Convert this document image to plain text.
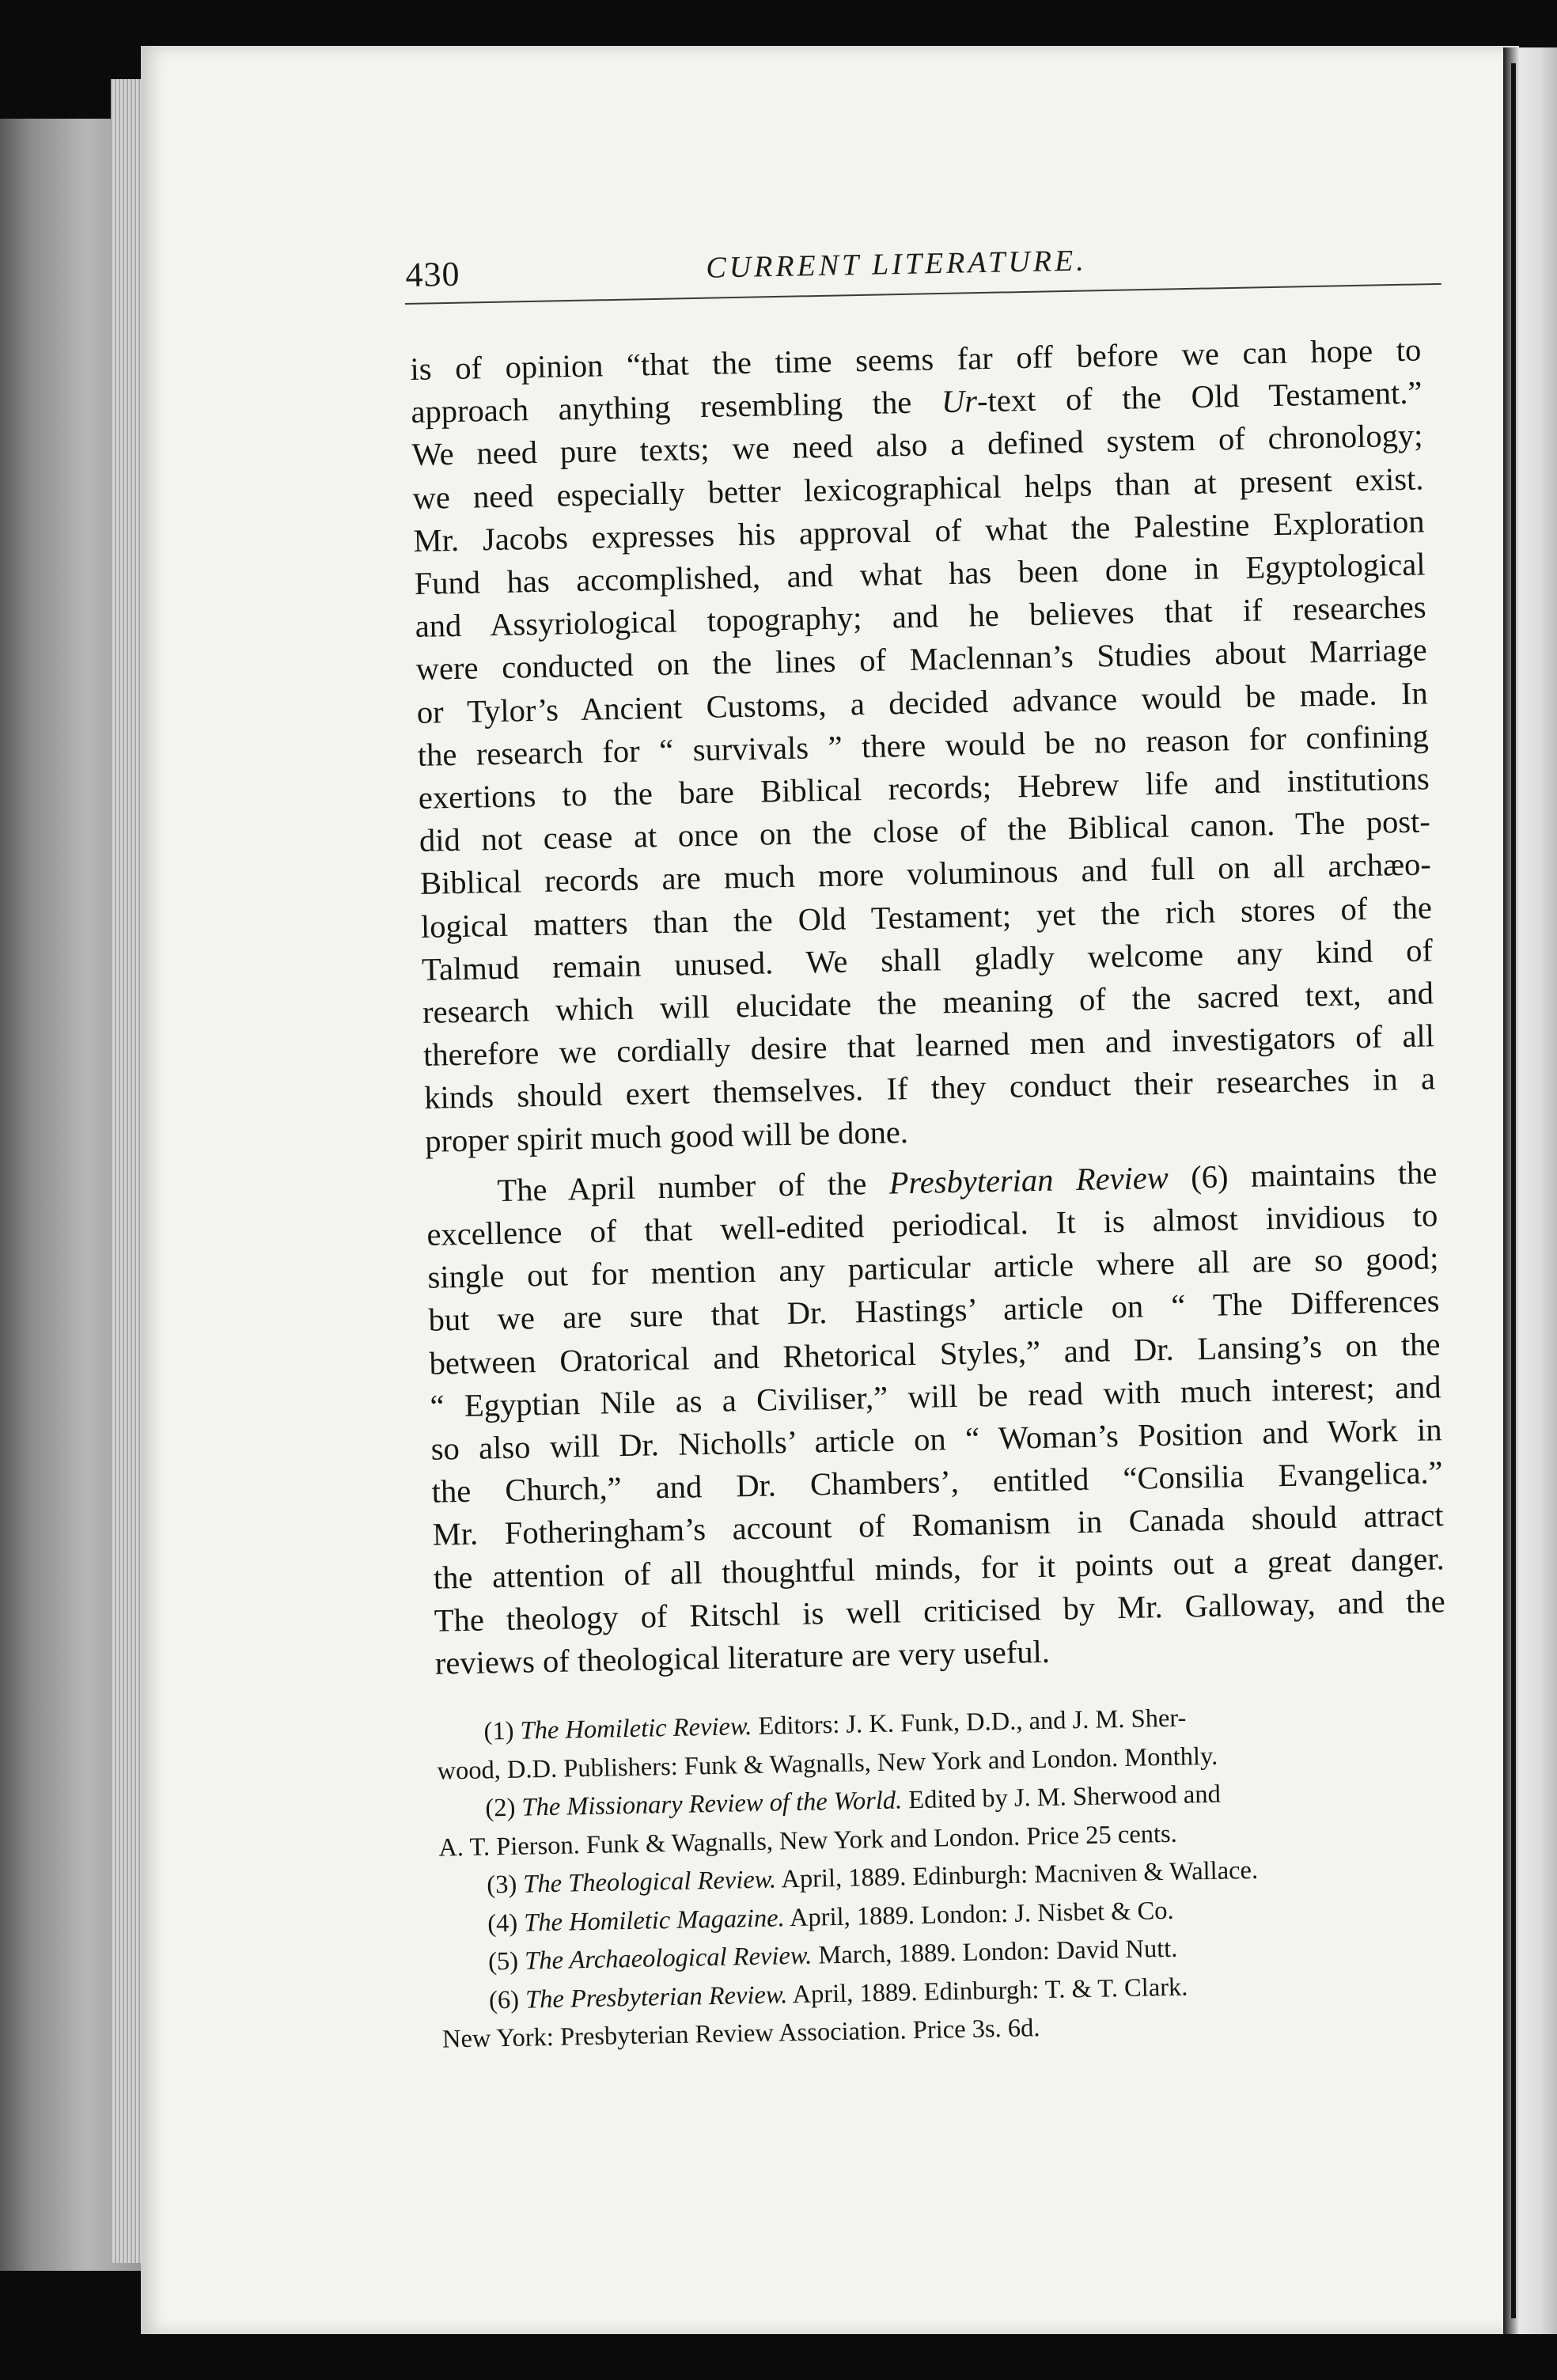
430	CURRENT LITERATURE.

is of opinion “that the time seems far off before we can hope to
approach anything resembling the Ur-text of the Old Testament.”
We need pure texts; we need also a defined system of chronology;
we need especially better lexicographical helps than at present exist.
Mr. Jacobs expresses his approval of what the Palestine Exploration
Fund has accomplished, and what has been done in Egyptological
and Assyriological topography; and he believes that if researches
were conducted on the lines of Maclennan’s Studies about Marriage
or Tylor’s Ancient Customs, a decided advance would be made. In
the research for “ survivals ” there would be no reason for confining
exertions to the bare Biblical records; Hebrew life and institutions
did not cease at once on the close of the Biblical canon. The post-
Biblical records are much more voluminous and full on all archæo-
logical matters than the Old Testament; yet the rich stores of the
Talmud remain unused. We shall gladly welcome any kind of
research which will elucidate the meaning of the sacred text, and
therefore we cordially desire that learned men and investigators of all
kinds should exert themselves. If they conduct their researches in a
proper spirit much good will be done.

The April number of the Presbyterian Review (6) maintains the
excellence of that well-edited periodical. It is almost invidious to
single out for mention any particular article where all are so good;
but we are sure that Dr. Hastings’ article on “ The Differences
between Oratorical and Rhetorical Styles,” and Dr. Lansing’s on the
“ Egyptian Nile as a Civiliser,” will be read with much interest; and
so also will Dr. Nicholls’ article on “ Woman’s Position and Work in
the Church,” and Dr. Chambers’, entitled “Consilia Evangelica.”
Mr. Fotheringham’s account of Romanism in Canada should attract
the attention of all thoughtful minds, for it points out a great danger.
The theology of Ritschl is well criticised by Mr. Galloway, and the
reviews of theological literature are very useful.

(1) The Homiletic Review. Editors: J. K. Funk, D.D., and J. M. Sher-
wood, D.D. Publishers: Funk & Wagnalls, New York and London. Monthly.
(2) The Missionary Review of the World. Edited by J. M. Sherwood and
A. T. Pierson. Funk & Wagnalls, New York and London. Price 25 cents.
(3) The Theological Review. April, 1889. Edinburgh: Macniven & Wallace.
(4) The Homiletic Magazine. April, 1889. London: J. Nisbet & Co.
(5) The Archaeological Review. March, 1889. London: David Nutt.
(6) The Presbyterian Review. April, 1889. Edinburgh: T. & T. Clark.
New York: Presbyterian Review Association. Price 3s. 6d.
